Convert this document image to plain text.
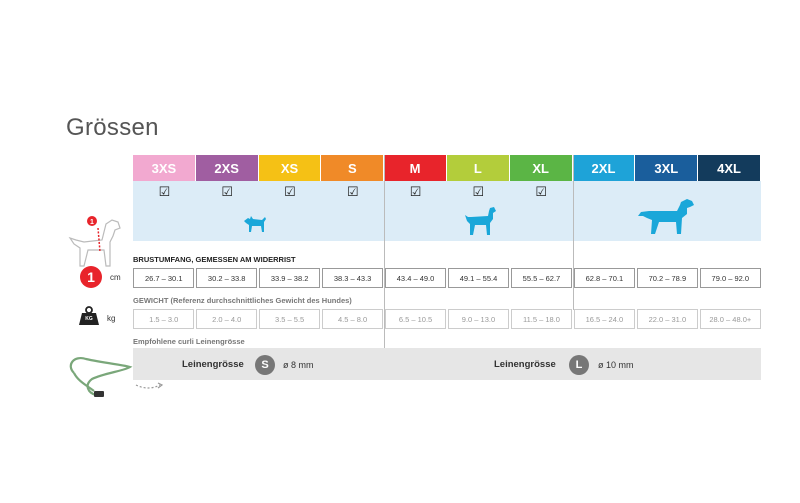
Grössen
3XS	2XS	XS	S	M	L	XL	2XL	3XL	4XL
☑	☑	☑	☑	☑	☑	☑
1
1	cm
KG	kg
BRUSTUMFANG, GEMESSEN AM WIDERRIST
26.7 – 30.1	30.2 – 33.8	33.9 – 38.2	38.3 – 43.3	43.4 – 49.0	49.1 – 55.4	55.5 – 62.7	62.8 – 70.1	70.2 – 78.9	79.0 – 92.0
GEWICHT (Referenz durchschnittliches Gewicht des Hundes)
1.5 – 3.0	2.0 – 4.0	3.5 – 5.5	4.5 – 8.0	6.5 – 10.5	9.0 – 13.0	11.5 – 18.0	16.5 – 24.0	22.0 – 31.0	28.0 – 48.0+
Empfohlene curli Leinengrösse
Leinengrösse	S	ø 8 mm	Leinengrösse	L	ø 10 mm
